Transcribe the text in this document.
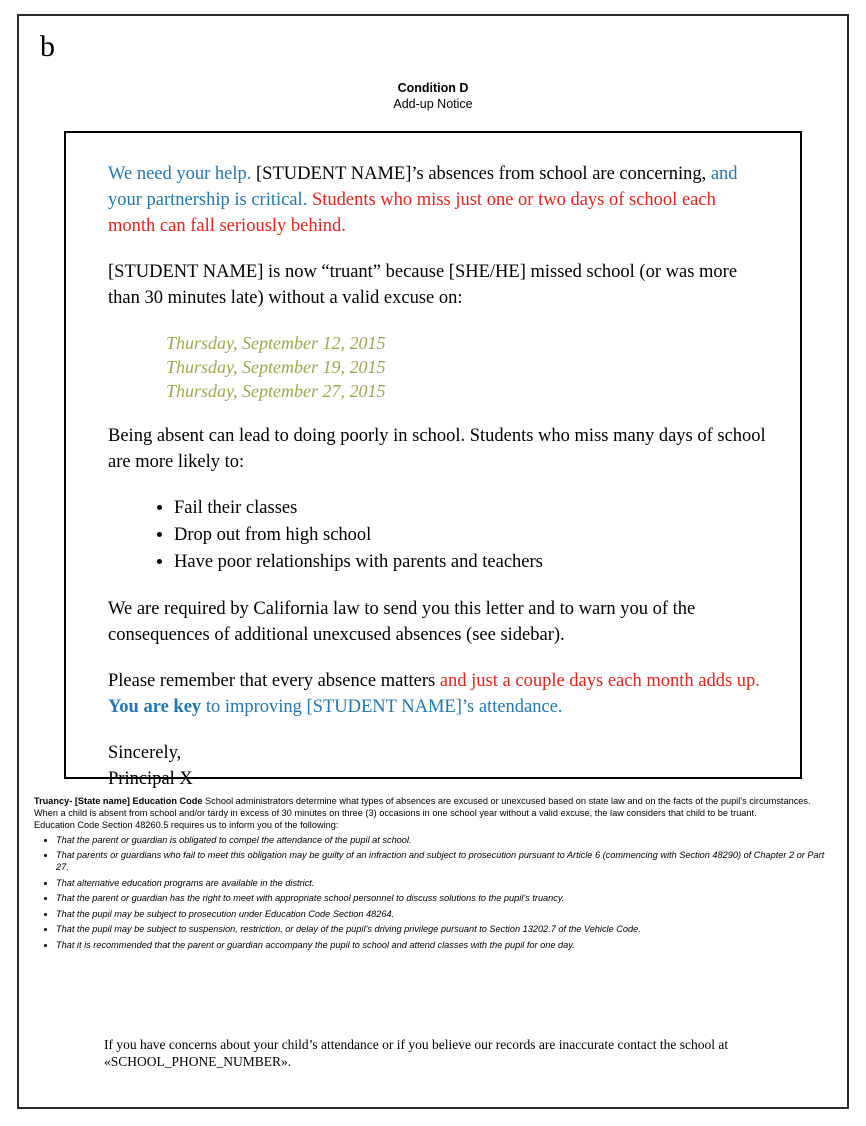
b
Condition D
Add-up Notice

We need your help. [STUDENT NAME]’s absences from school are concerning, and your partnership is critical. Students who miss just one or two days of school each month can fall seriously behind.

[STUDENT NAME] is now “truant” because [SHE/HE] missed school (or was more than 30 minutes late) without a valid excuse on:

Thursday, September 12, 2015
Thursday, September 19, 2015
Thursday, September 27, 2015

Being absent can lead to doing poorly in school. Students who miss many days of school are more likely to:

• Fail their classes
• Drop out from high school
• Have poor relationships with parents and teachers

We are required by California law to send you this letter and to warn you of the consequences of additional unexcused absences (see sidebar).

Please remember that every absence matters and just a couple days each month adds up. You are key to improving [STUDENT NAME]’s attendance.

Sincerely,

Principal X

Truancy- [State name] Education Code School administrators determine what types of absences are excused or unexcused based on state law and on the facts of the pupil’s circumstances. When a child is absent from school and/or tardy in excess of 30 minutes on three (3) occasions in one school year without a valid excuse, the law considers that child to be truant.

Education Code Section 48260.5 requires us to inform you of the following:

• That the parent or guardian is obligated to compel the attendance of the pupil at school.
• That parents or guardians who fail to meet this obligation may be guilty of an infraction and subject to prosecution pursuant to Article 6 (commencing with Section 48290) of Chapter 2 or Part 27.
• That alternative education programs are available in the district.
• That the parent or guardian has the right to meet with appropriate school personnel to discuss solutions to the pupil’s truancy.
• That the pupil may be subject to prosecution under Education Code Section 48264.
• That the pupil may be subject to suspension, restriction, or delay of the pupil’s driving privilege pursuant to Section 13202.7 of the Vehicle Code.
• That it is recommended that the parent or guardian accompany the pupil to school and attend classes with the pupil for one day.
If you have concerns about your child’s attendance or if you believe our records are inaccurate contact the school at «SCHOOL_PHONE_NUMBER».
